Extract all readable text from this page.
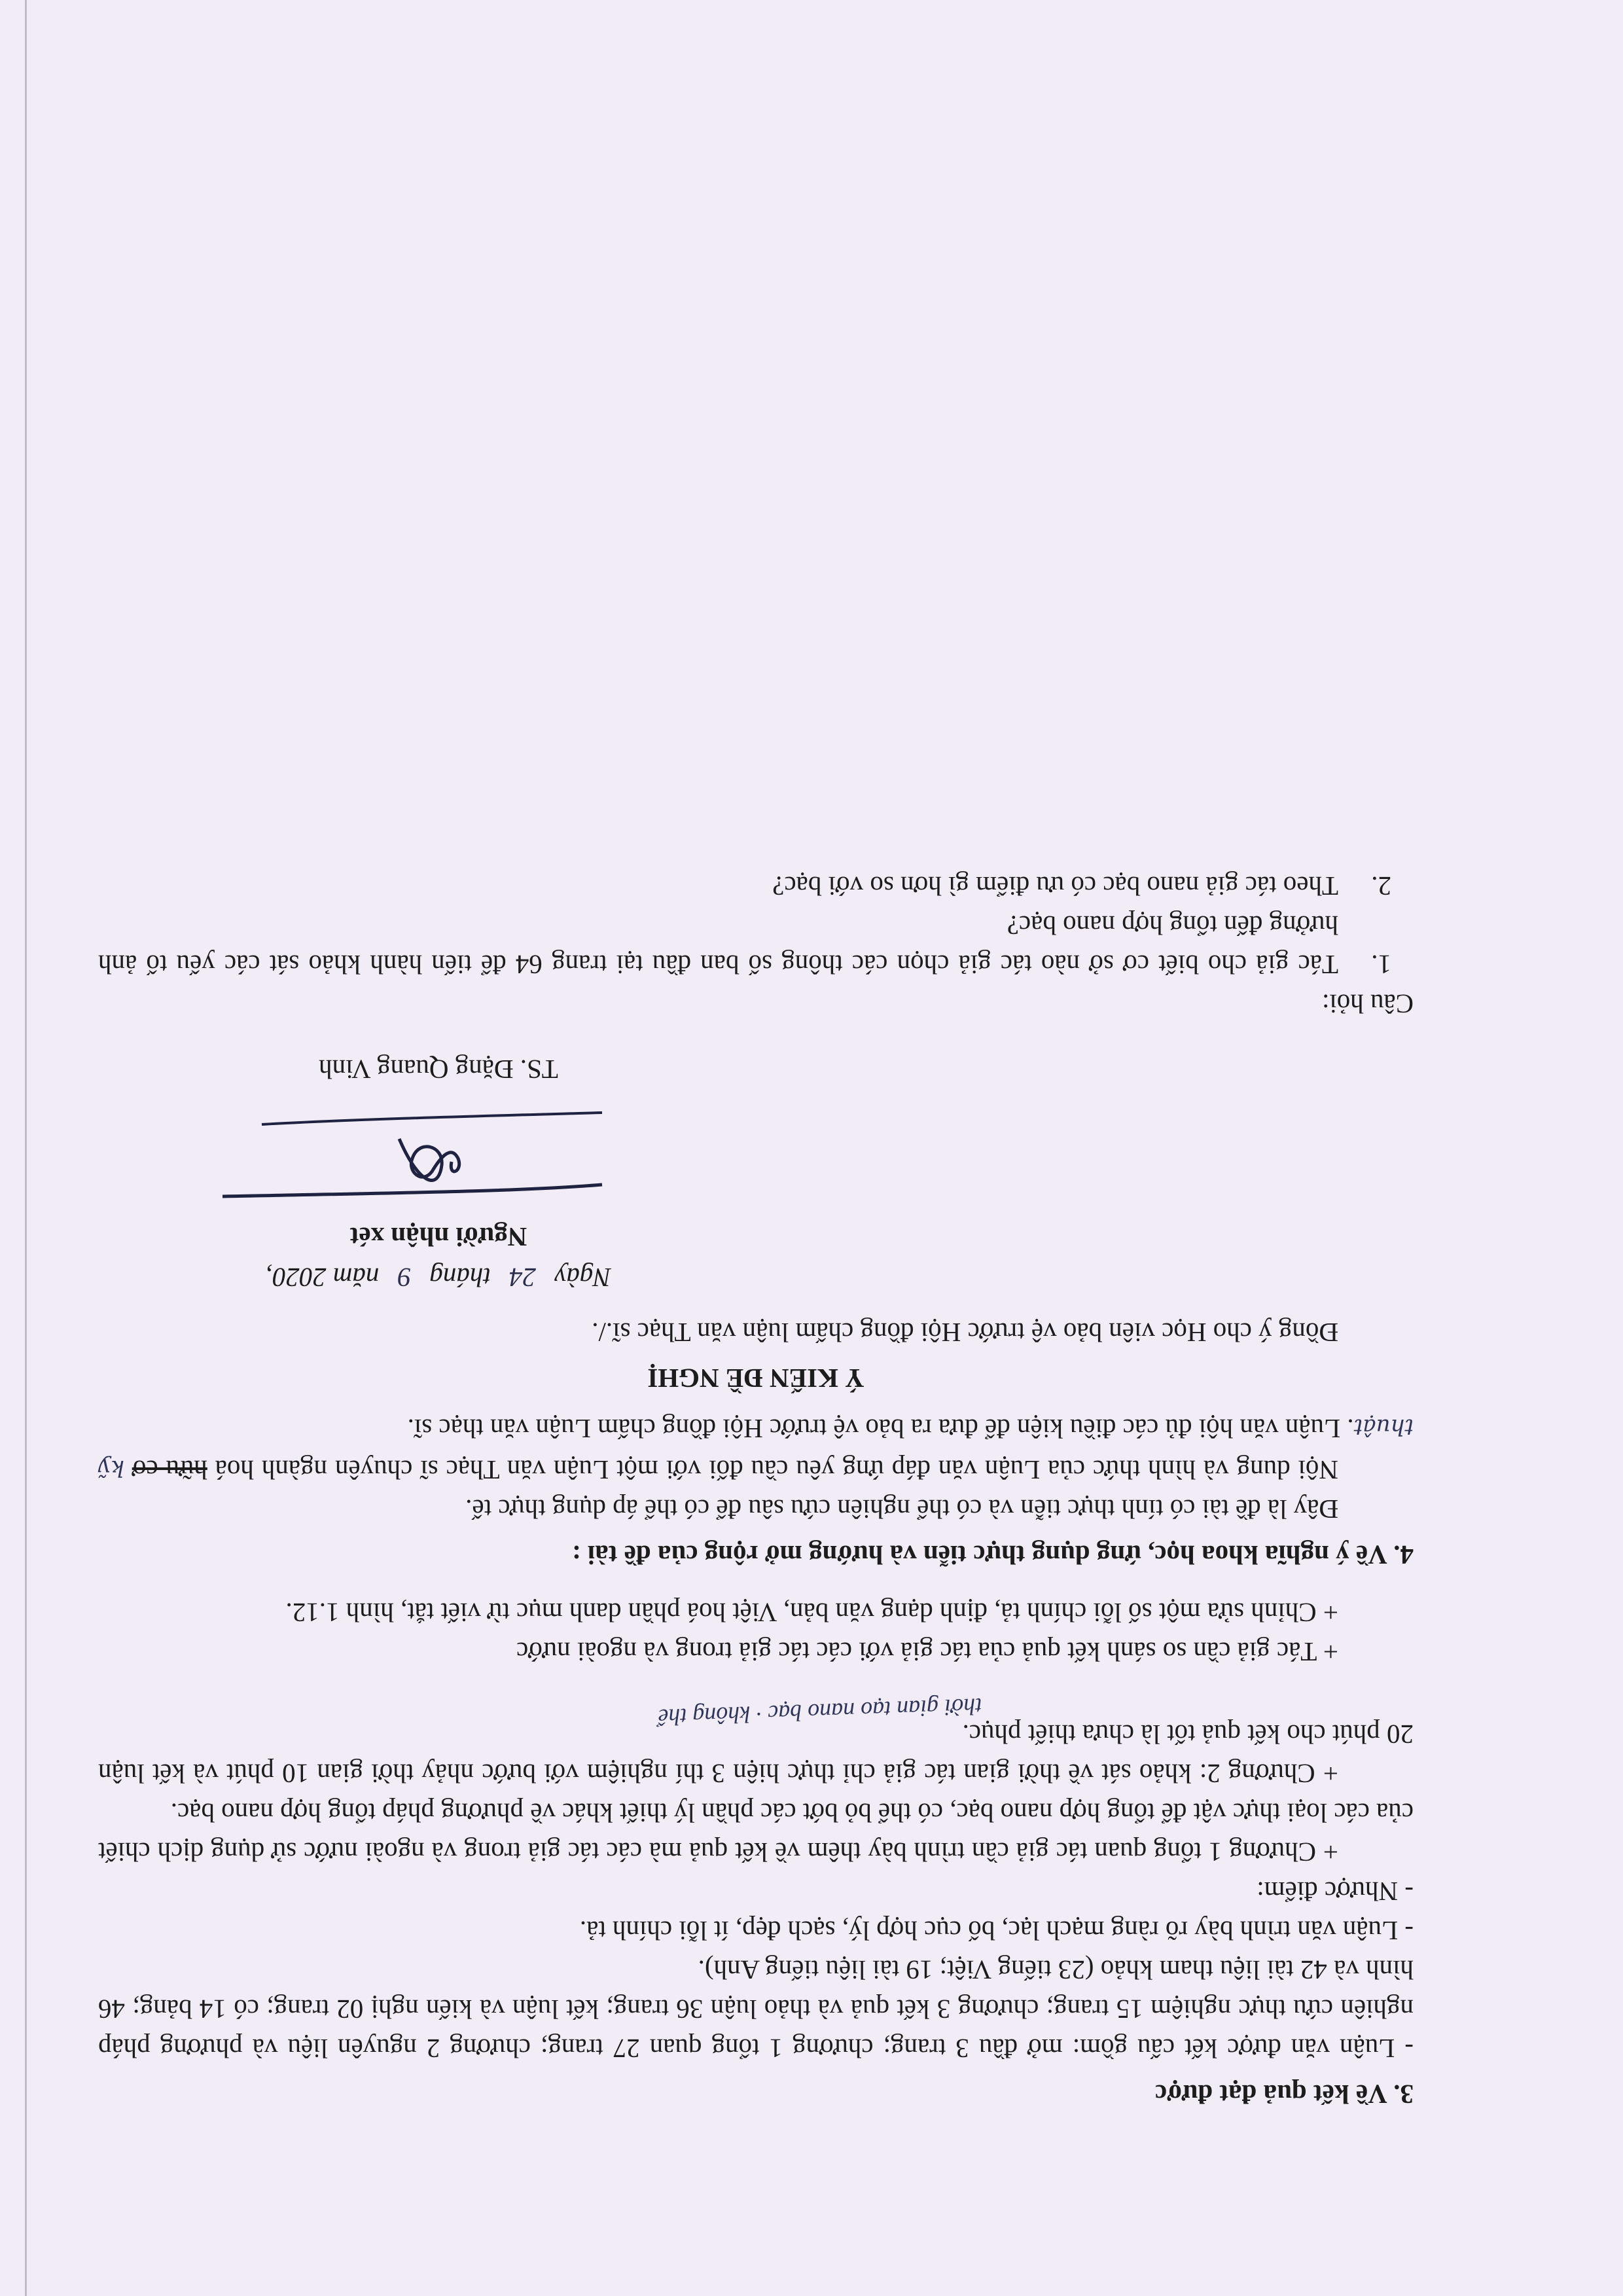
3. Về kết quả đạt được

- Luận văn được kết cấu gồm: mở đầu 3 trang; chương 1 tổng quan 27 trang; chương 2 nguyên liệu và phương pháp nghiên cứu thực nghiệm 15 trang; chương 3 kết quả và thảo luận 36 trang; kết luận và kiến nghị 02 trang; có 14 bảng; 46 hình và 42 tài liệu tham khảo (23 tiếng Việt; 19 tài liệu tiếng Anh).

- Luận văn trình bày rõ ràng mạch lạc, bố cục hợp lý, sạch đẹp, ít lỗi chính tả.

- Nhược điểm:

+ Chương 1 tổng quan tác giả cần trình bày thêm về kết quả mà các tác giả trong và ngoài nước sử dụng dịch chiết của các loại thực vật để tổng hợp nano bạc, có thể bỏ bớt các phần lý thiết khác về phương pháp tổng hợp nano bạc.

+ Chương 2: khảo sát về thời gian tác giả chỉ thực hiện 3 thí nghiệm với bước nhảy thời gian 10 phút và kết luận 20 phút cho kết quả tốt là chưa thiết phục.

thời gian tạo nano bạc · không thể

+ Tác giả cần so sánh kết quả của tác giả với các tác giả trong và ngoài nước

+ Chỉnh sửa một số lỗi chính tả, định dạng văn bản, Việt hoá phần danh mục từ viết tắt, hình 1.12.

4. Về ý nghĩa khoa học, ứng dụng thực tiễn và hướng mở rộng của đề tài :

Đây là đề tài có tính thực tiễn và có thể nghiên cứu sâu để có thể áp dụng thực tế.

Nội dung và hình thức của Luận văn đáp ứng yêu cầu đối với một Luận văn Thạc sĩ chuyên ngành hoá hữu cơ kỹ thuật. Luận văn hội đủ các điều kiện để đưa ra bảo vệ trước Hội đồng chấm Luận văn thạc sĩ.

Ý KIẾN ĐỀ NGHỊ

Đồng ý cho Học viên bảo vệ trước Hội đồng chấm luận văn Thạc sĩ./.

Ngày 24 tháng 9 năm 2020,

Người nhận xét

TS. Đặng Quang Vinh

Câu hỏi:

1. Tác giả cho biết cơ sở nào tác giả chọn các thông số ban đầu tại trang 64 để tiến hành khảo sát các yếu tố ảnh hưởng đến tổng hợp nano bạc?
2. Theo tác giả nano bạc có ưu điểm gì hơn so với bạc?
